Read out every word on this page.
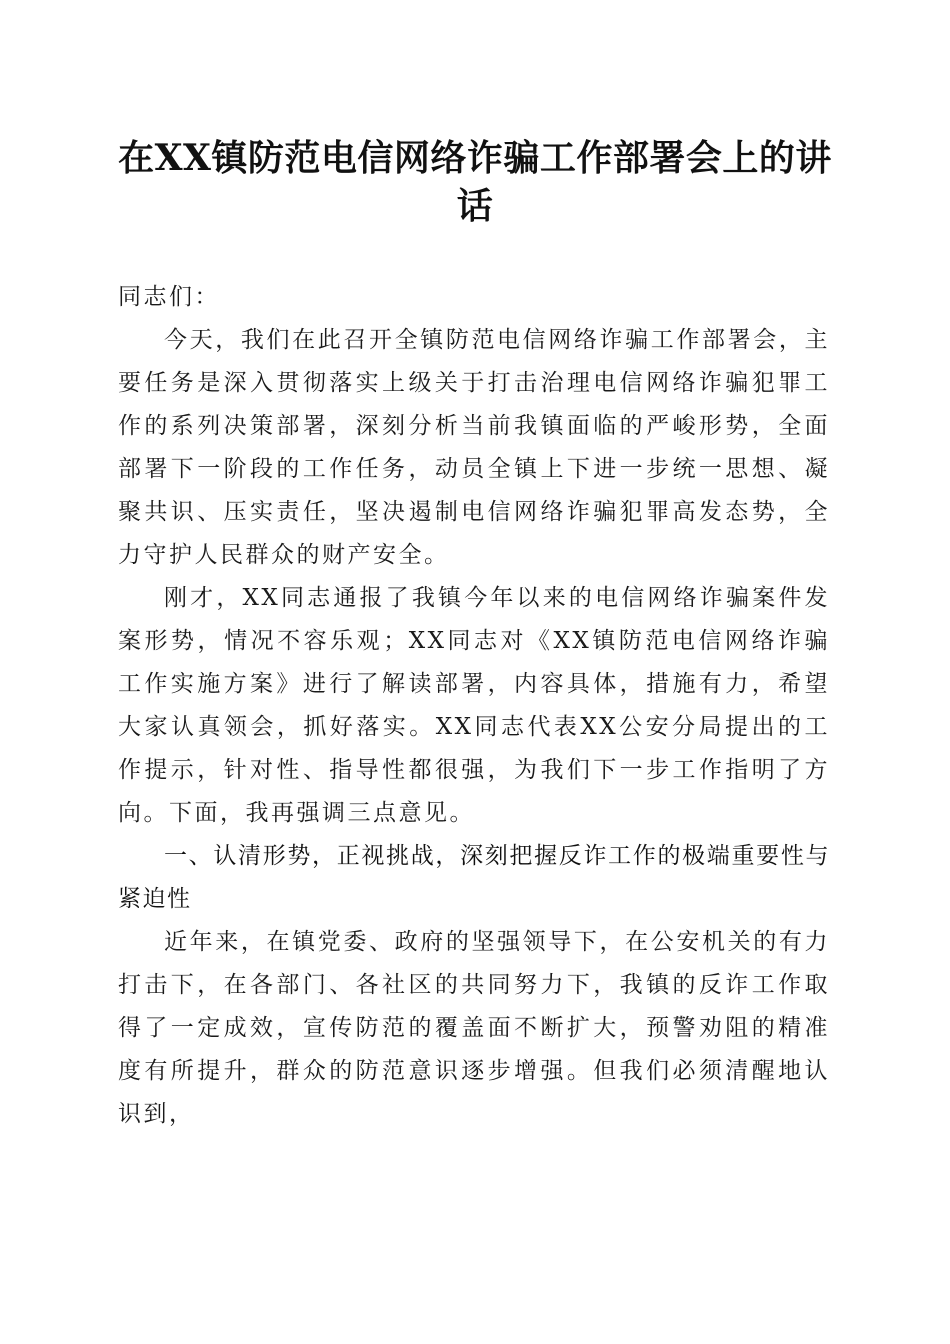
在XX镇防范电信网络诈骗工作部署会上的讲话

同志们：

今天，我们在此召开全镇防范电信网络诈骗工作部署会，主要任务是深入贯彻落实上级关于打击治理电信网络诈骗犯罪工作的系列决策部署，深刻分析当前我镇面临的严峻形势，全面部署下一阶段的工作任务，动员全镇上下进一步统一思想、凝聚共识、压实责任，坚决遏制电信网络诈骗犯罪高发态势，全力守护人民群众的财产安全。

刚才，XX同志通报了我镇今年以来的电信网络诈骗案件发案形势，情况不容乐观；XX同志对《XX镇防范电信网络诈骗工作实施方案》进行了解读部署，内容具体，措施有力，希望大家认真领会，抓好落实。XX同志代表XX公安分局提出的工作提示，针对性、指导性都很强，为我们下一步工作指明了方向。下面，我再强调三点意见。

一、认清形势，正视挑战，深刻把握反诈工作的极端重要性与紧迫性

近年来，在镇党委、政府的坚强领导下，在公安机关的有力打击下，在各部门、各社区的共同努力下，我镇的反诈工作取得了一定成效，宣传防范的覆盖面不断扩大，预警劝阻的精准度有所提升，群众的防范意识逐步增强。但我们必须清醒地认识到，
